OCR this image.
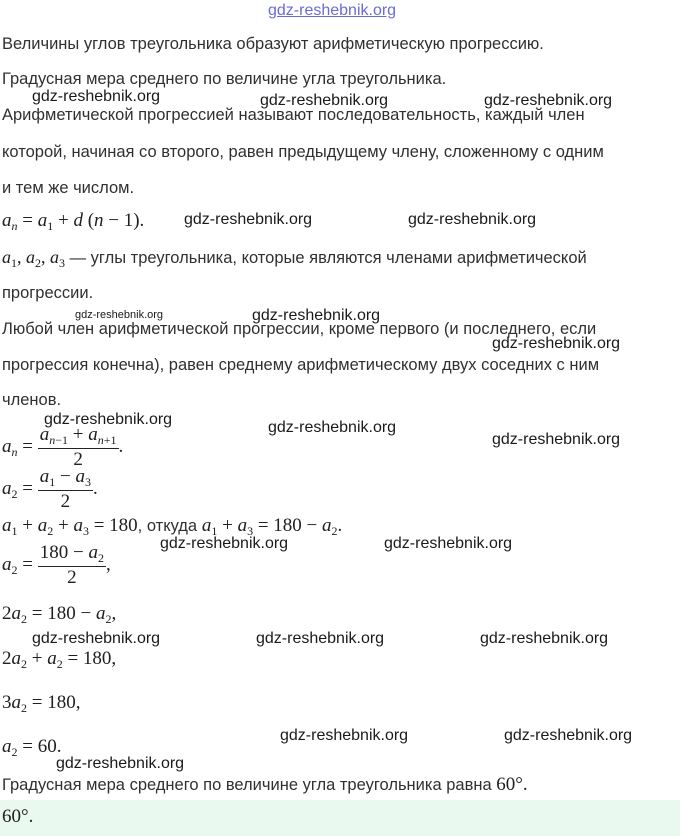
gdz-reshebnik.org
Величины углов треугольника образуют арифметическую прогрессию.
Градусная мера среднего по величине угла треугольника.
gdz-reshebnik.org	gdz-reshebnik.org	gdz-reshebnik.org
Арифметической прогрессией называют последовательность, каждый член
которой, начиная со второго, равен предыдущему члену, сложенному с одним
и тем же числом.
$a_n = a_1 + d$ (n − 1). gdz-reshebnik.org	gdz-reshebnik.org
$a_1$, $a_2$, $a_3$ — углы треугольника, которые являются членами арифметической
прогрессии.
gdz-reshebnik.org	gdz-reshebnik.org
Любой член арифметической прогрессии, кроме первого (и последнего, если
gdz-reshebnik.org
прогрессия конечна), равен среднему арифметическому двух соседних с ним
членов.
gdz-reshebnik.org	gdz-reshebnik.org
gdz-reshebnik.org
$a_n = \frac{a_{n-1} + a_{n+1}}{2}$ .
$a_2 = \frac{a_1 - a_3}{2}$ .
$a_1 + a_2 + a_3 = 180$, откуда $a_1 + a_3 = 180 - a_2$.
gdz-reshebnik.org	gdz-reshebnik.org
$a_2 = \frac{180 - a_2}{2}$ ,
$2a_2 = 180 - a_2$,
gdz-reshebnik.org	gdz-reshebnik.org	gdz-reshebnik.org
$2a_2 + a_2 = 180$,
$3a_2 = 180$,
$a_2 = 60$.
gdz-reshebnik.org	gdz-reshebnik.org
gdz-reshebnik.org
Градусная мера среднего по величине угла треугольника равна 60°.
60°.
